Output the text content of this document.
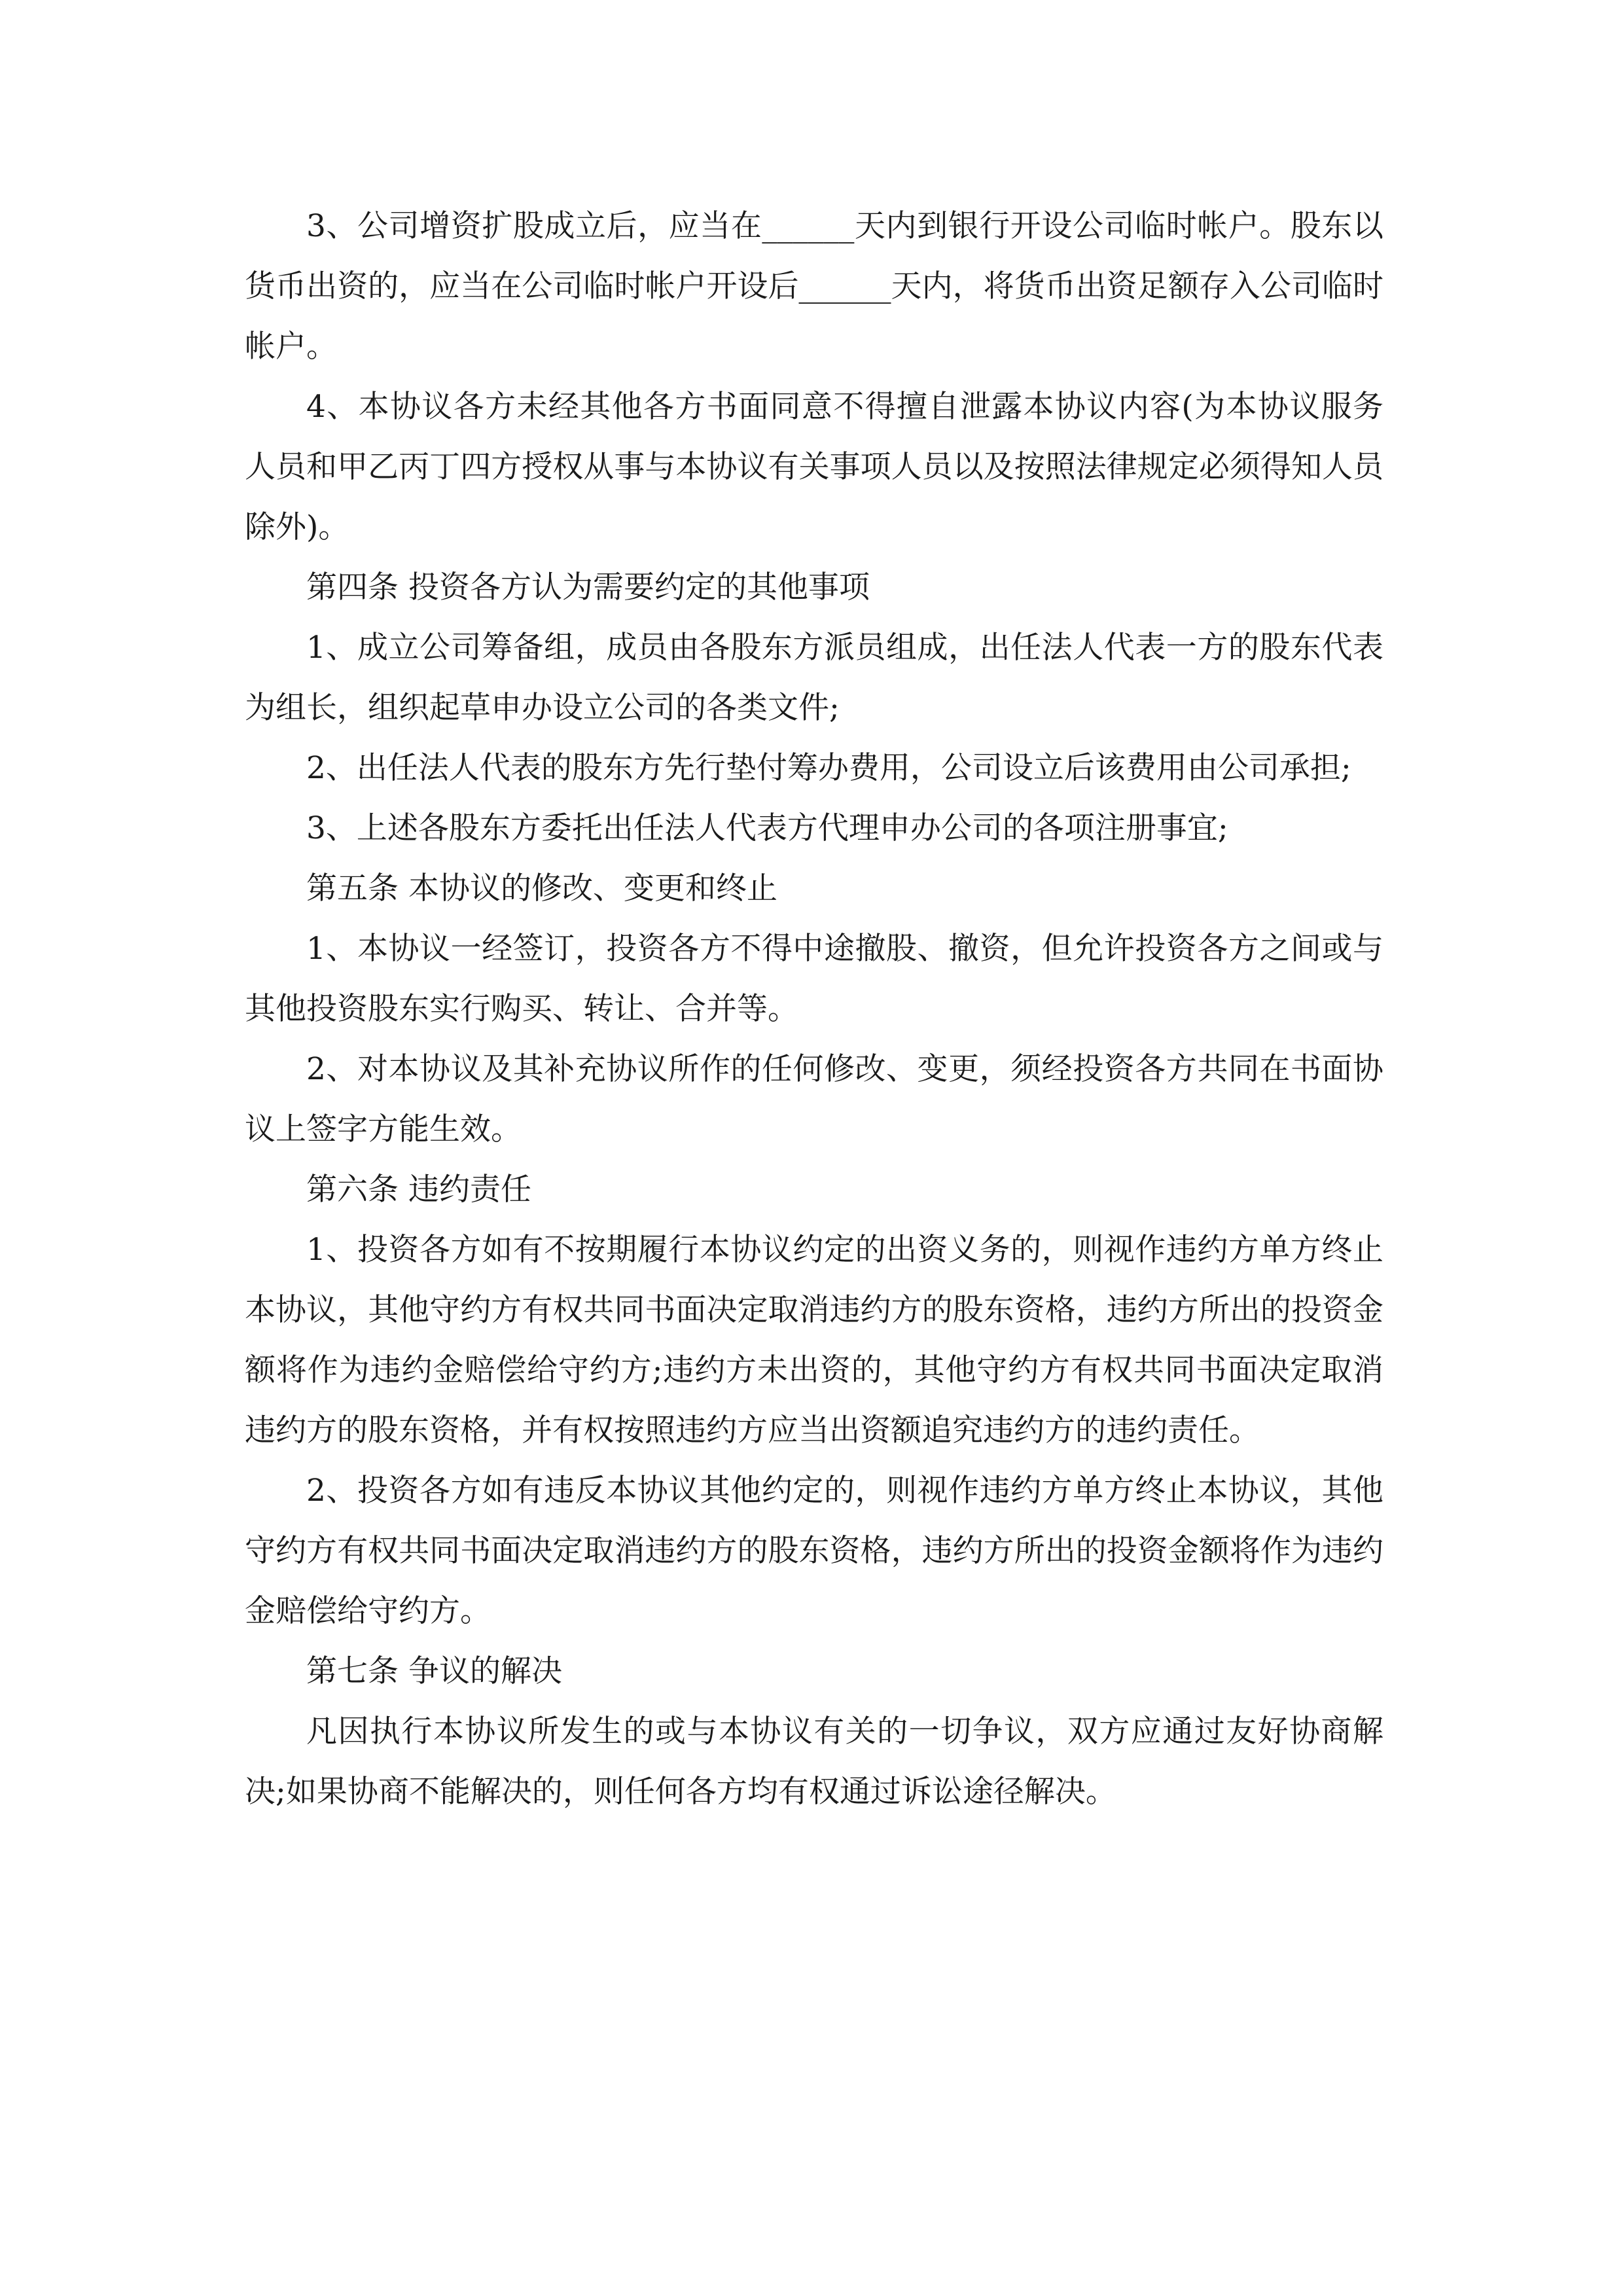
3、公司增资扩股成立后，应当在______天内到银行开设公司临时帐户。股东以货币出资的，应当在公司临时帐户开设后______天内，将货币出资足额存入公司临时帐户。

4、本协议各方未经其他各方书面同意不得擅自泄露本协议内容(为本协议服务人员和甲乙丙丁四方授权从事与本协议有关事项人员以及按照法律规定必须得知人员除外)。

第四条 投资各方认为需要约定的其他事项

1、成立公司筹备组，成员由各股东方派员组成，出任法人代表一方的股东代表为组长，组织起草申办设立公司的各类文件;

2、出任法人代表的股东方先行垫付筹办费用，公司设立后该费用由公司承担;

3、上述各股东方委托出任法人代表方代理申办公司的各项注册事宜;

第五条 本协议的修改、变更和终止

1、本协议一经签订，投资各方不得中途撤股、撤资，但允许投资各方之间或与其他投资股东实行购买、转让、合并等。

2、对本协议及其补充协议所作的任何修改、变更，须经投资各方共同在书面协议上签字方能生效。

第六条 违约责任

1、投资各方如有不按期履行本协议约定的出资义务的，则视作违约方单方终止本协议，其他守约方有权共同书面决定取消违约方的股东资格，违约方所出的投资金额将作为违约金赔偿给守约方;违约方未出资的，其他守约方有权共同书面决定取消违约方的股东资格，并有权按照违约方应当出资额追究违约方的违约责任。

2、投资各方如有违反本协议其他约定的，则视作违约方单方终止本协议，其他守约方有权共同书面决定取消违约方的股东资格，违约方所出的投资金额将作为违约金赔偿给守约方。

第七条 争议的解决

凡因执行本协议所发生的或与本协议有关的一切争议，双方应通过友好协商解决;如果协商不能解决的，则任何各方均有权通过诉讼途径解决。
